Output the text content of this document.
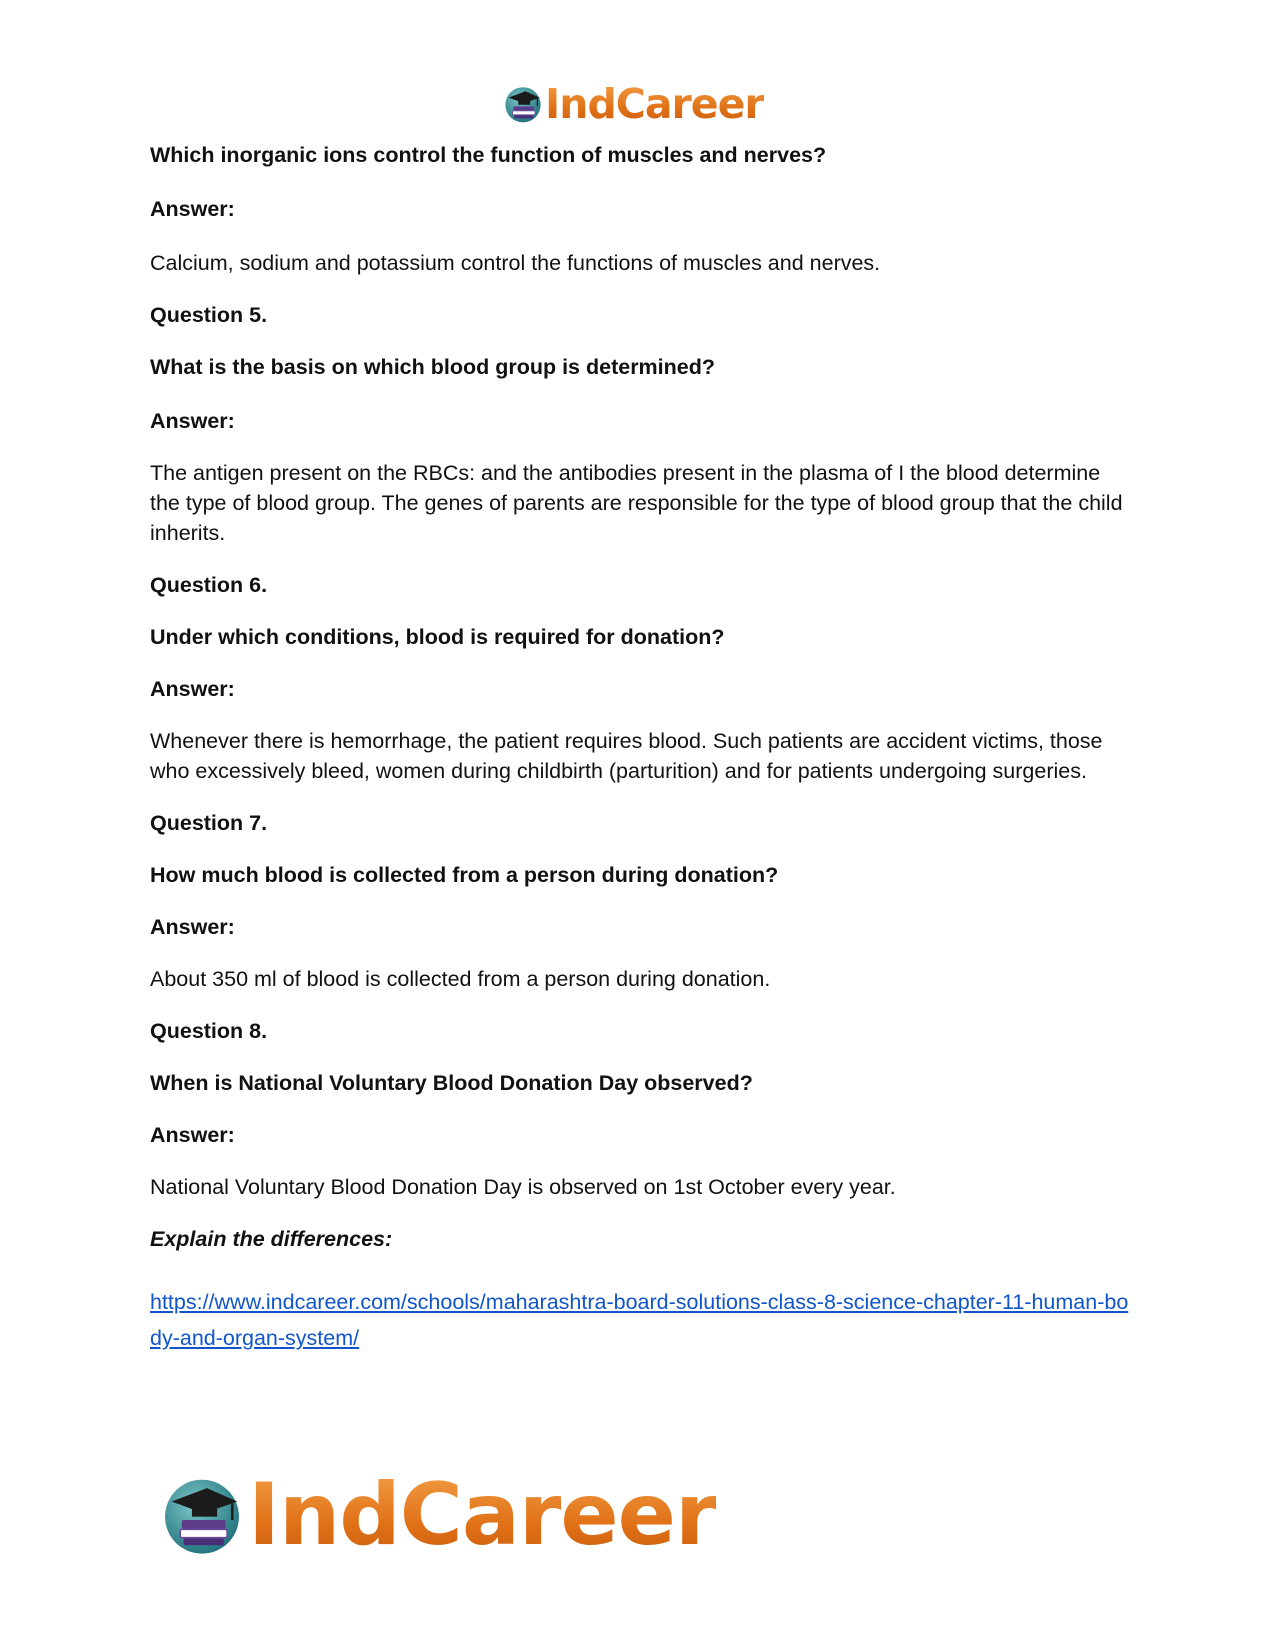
IndCareer

Which inorganic ions control the function of muscles and nerves?

Answer:

Calcium, sodium and potassium control the functions of muscles and nerves.

Question 5.

What is the basis on which blood group is determined?

Answer:

The antigen present on the RBCs: and the antibodies present in the plasma of I the blood determine the type of blood group. The genes of parents are responsible for the type of blood group that the child inherits.

Question 6.

Under which conditions, blood is required for donation?

Answer:

Whenever there is hemorrhage, the patient requires blood. Such patients are accident victims, those who excessively bleed, women during childbirth (parturition) and for patients undergoing surgeries.

Question 7.

How much blood is collected from a person during donation?

Answer:

About 350 ml of blood is collected from a person during donation.

Question 8.

When is National Voluntary Blood Donation Day observed?

Answer:

National Voluntary Blood Donation Day is observed on 1st October every year.

Explain the differences:

https://www.indcareer.com/schools/maharashtra-board-solutions-class-8-science-chapter-11-human-body-and-organ-system/
IndCareer
